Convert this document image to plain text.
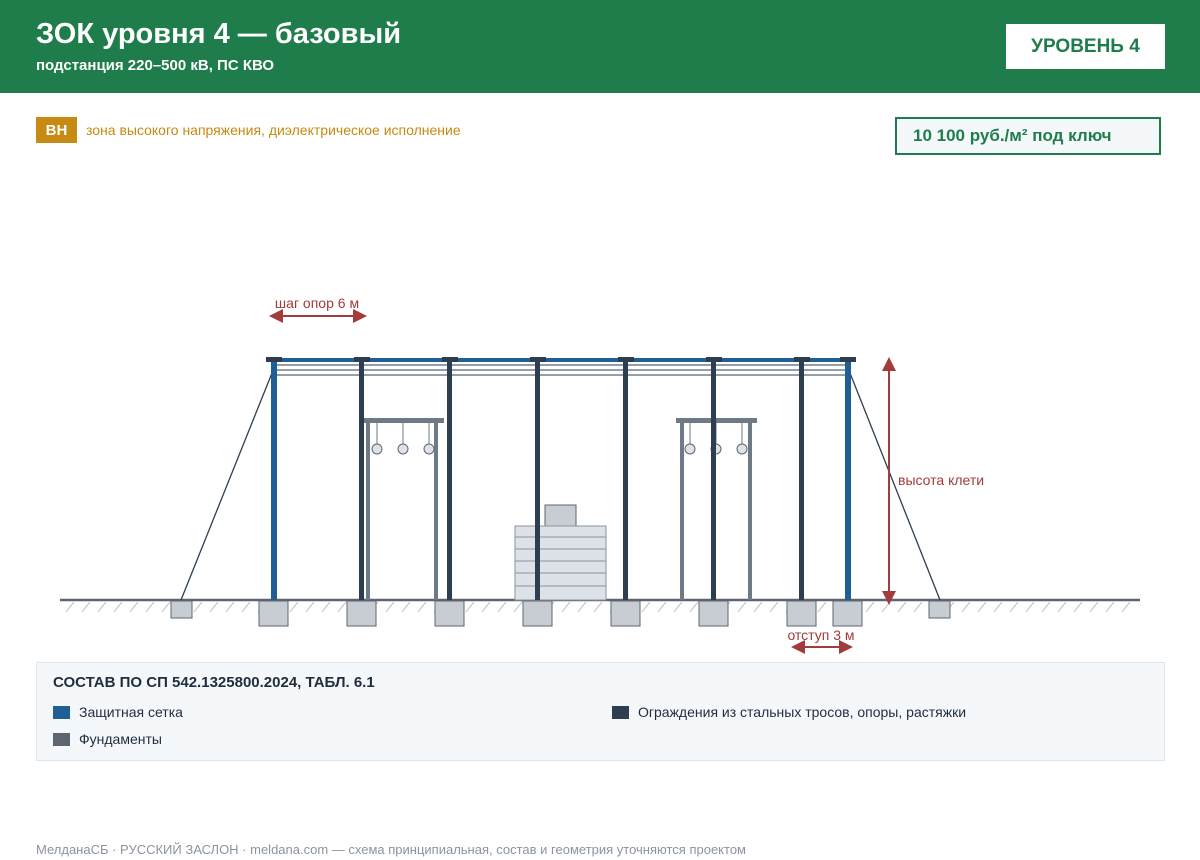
ЗОК уровня 4 — базовый
подстанция 220–500 кВ, ПС КВО
УРОВЕНЬ 4
ВН	зона высокого напряжения, диэлектрическое исполнение	10 100 руб./м² под ключ
шаг опор 6 м
высота клети
отступ 3 м
СОСТАВ ПО СП 542.1325800.2024, ТАБЛ. 6.1
Защитная сетка	Ограждения из стальных тросов, опоры, растяжки
Фундаменты
МелданаСБ · РУССКИЙ ЗАСЛОН · meldana.com — схема принципиальная, состав и геометрия уточняются проектом
